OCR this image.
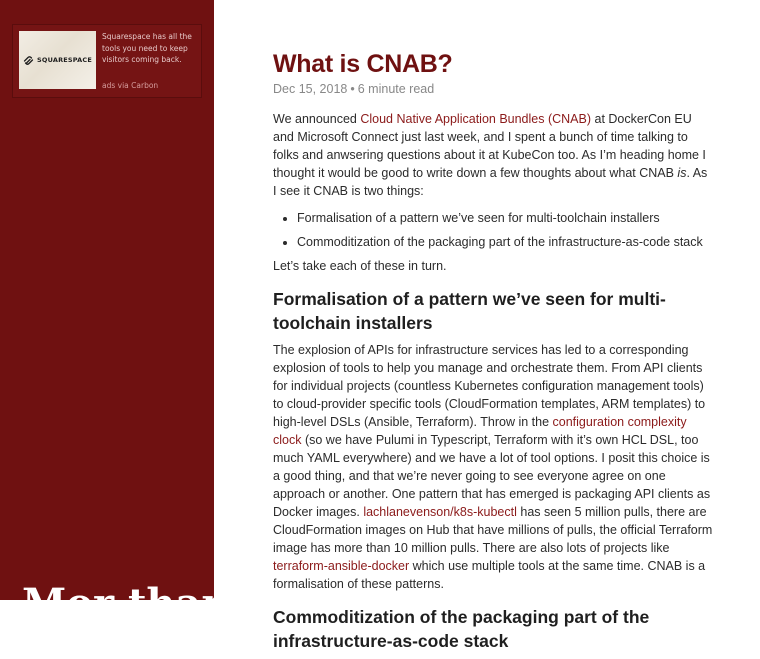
SQUARESPACE
Squarespace has all the tools you need to keep visitors coming back.
ads via Carbon
Mor than
What is CNAB?
Dec 15, 2018 • 6 minute read

We announced Cloud Native Application Bundles (CNAB) at DockerCon EU and Microsoft Connect just last week, and I spent a bunch of time talking to folks and anwsering questions about it at KubeCon too. As I’m heading home I thought it would be good to write down a few thoughts about what CNAB is. As I see it CNAB is two things:

• Formalisation of a pattern we’ve seen for multi-toolchain installers
• Commoditization of the packaging part of the infrastructure-as-code stack

Let’s take each of these in turn.

Formalisation of a pattern we’ve seen for multi-toolchain installers

The explosion of APIs for infrastructure services has led to a corresponding explosion of tools to help you manage and orchestrate them. From API clients for individual projects (countless Kubernetes configuration management tools) to cloud-provider specific tools (CloudFormation templates, ARM templates) to high-level DSLs (Ansible, Terraform). Throw in the configuration complexity clock (so we have Pulumi in Typescript, Terraform with it’s own HCL DSL, too much YAML everywhere) and we have a lot of tool options. I posit this choice is a good thing, and that we’re never going to see everyone agree on one approach or another. One pattern that has emerged is packaging API clients as Docker images. lachlanevenson/k8s-kubectl has seen 5 million pulls, there are CloudFormation images on Hub that have millions of pulls, the official Terraform image has more than 10 million pulls. There are also lots of projects like terraform-ansible-docker which use multiple tools at the same time. CNAB is a formalisation of these patterns.

Commoditization of the packaging part of the infrastructure-as-code stack
